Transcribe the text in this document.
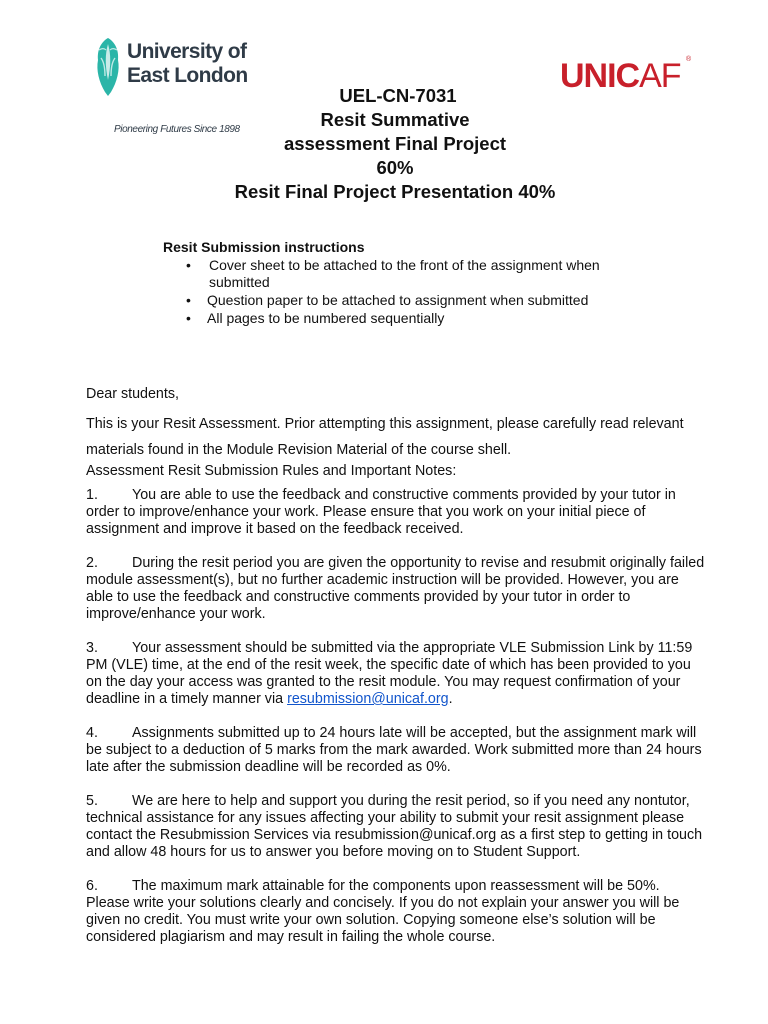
University of
East London
Pioneering Futures Since 1898
UNICAF ®
UEL-CN-7031
Resit Summative
assessment Final Project
60%
Resit Final Project Presentation 40%
Resit Submission instructions
• Cover sheet to be attached to the front of the assignment when submitted
• Question paper to be attached to assignment when submitted
• All pages to be numbered sequentially

Dear students,

This is your Resit Assessment. Prior attempting this assignment, please carefully read relevant materials found in the Module Revision Material of the course shell.

Assessment Resit Submission Rules and Important Notes:

1. You are able to use the feedback and constructive comments provided by your tutor in order to improve/enhance your work. Please ensure that you work on your initial piece of assignment and improve it based on the feedback received.

2. During the resit period you are given the opportunity to revise and resubmit originally failed module assessment(s), but no further academic instruction will be provided. However, you are able to use the feedback and constructive comments provided by your tutor in order to improve/enhance your work.

3. Your assessment should be submitted via the appropriate VLE Submission Link by 11:59 PM (VLE) time, at the end of the resit week, the specific date of which has been provided to you on the day your access was granted to the resit module. You may request confirmation of your deadline in a timely manner via resubmission@unicaf.org.

4. Assignments submitted up to 24 hours late will be accepted, but the assignment mark will be subject to a deduction of 5 marks from the mark awarded. Work submitted more than 24 hours late after the submission deadline will be recorded as 0%.

5. We are here to help and support you during the resit period, so if you need any nontutor, technical assistance for any issues affecting your ability to submit your resit assignment please contact the Resubmission Services via resubmission@unicaf.org as a first step to getting in touch and allow 48 hours for us to answer you before moving on to Student Support.

6. The maximum mark attainable for the components upon reassessment will be 50%. Please write your solutions clearly and concisely. If you do not explain your answer you will be given no credit. You must write your own solution. Copying someone else’s solution will be considered plagiarism and may result in failing the whole course.
